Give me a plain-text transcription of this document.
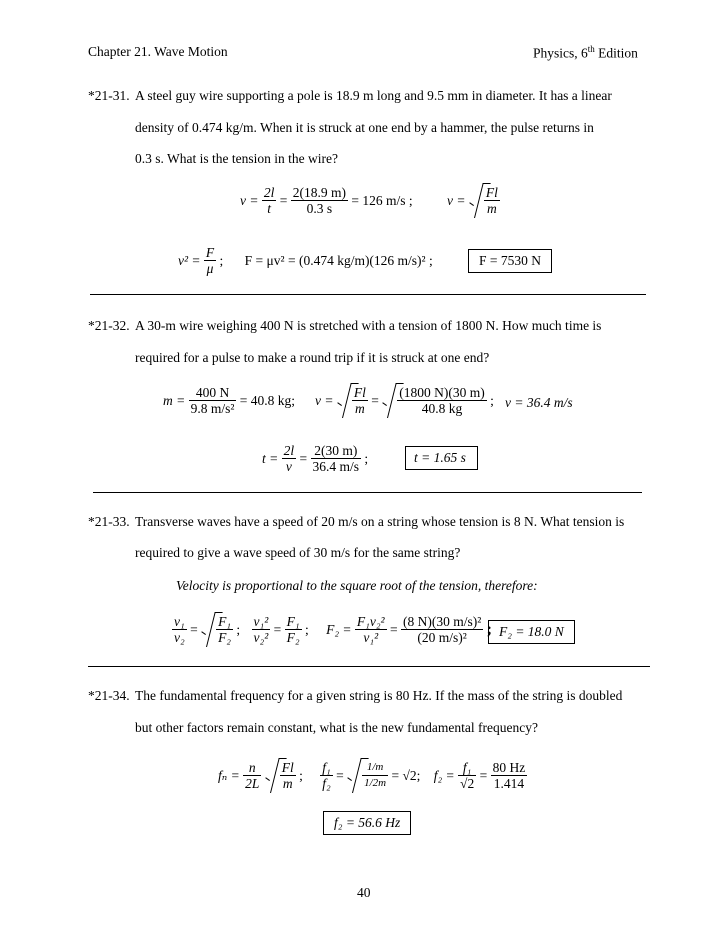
Chapter 21. Wave Motion	Physics, 6th Edition
*21-31. A steel guy wire supporting a pole is 18.9 m long and 9.5 mm in diameter. It has a linear
density of 0.474 kg/m. When it is struck at one end by a hammer, the pulse returns in
0.3 s. What is the tension in the wire?
$v = \frac{2l}{t} = \frac{2(18.9 m)}{0.3 s} = 126$ m/s ;	$v = \frac{Fl}{m}$
$v^2 = \frac{F}{\mu}$ ; F = μv² = (0.474 kg/m)(126 m/s)² ;	F = 7530 N
*21-32. A 30-m wire weighing 400 N is stretched with a tension of 1800 N. How much time is
required for a pulse to make a round trip if it is struck at one end?
$m = \frac{400 N}{\text{9.8 m/s²}} = 40.8$ kg; $v = \frac{Fl}{m} = \frac{(1800 N)(30 m)}{40.8 kg}$ ; v = 36.4 m/s
$t = \frac{2l}{v} = \frac{2(30 m)}{36.4 m/s}$ ;	t = 1.65 s
*21-33. Transverse waves have a speed of 20 m/s on a string whose tension is 8 N. What tension is
required to give a wave speed of 30 m/s for the same string?
Velocity is proportional to the square root of the tension, therefore:
$\frac{\text{v₁}}{\text{v₂}} = \frac{\text{F₁}}{\text{F₂}}$ ; $\frac{\text{v₁²}}{\text{v₂²}} = \frac{\text{F₁}}{\text{F₂}}$ ; $F_2 = \frac{\text{F₁v₂²}}{\text{v₁²}} = \frac{\text{(8 N)(30 m/s)²}}{\text{(20 m/s)²}}$ ; F₂ = 18.0 N
*21-34. The fundamental frequency for a given string is 80 Hz. If the mass of the string is doubled
but other factors remain constant, what is the new fundamental frequency?
$f_n = \frac{n}{2L}$
$\frac{Fl}{m}$ ; $\frac{\text{f₁}}{\text{f₂}} = \frac{1/m}{1/2m} = √2$; $f_2 = \frac{\text{f₁}}{√2} = \frac{80 Hz}{1.414}$
f₂ = 56.6 Hz
40
